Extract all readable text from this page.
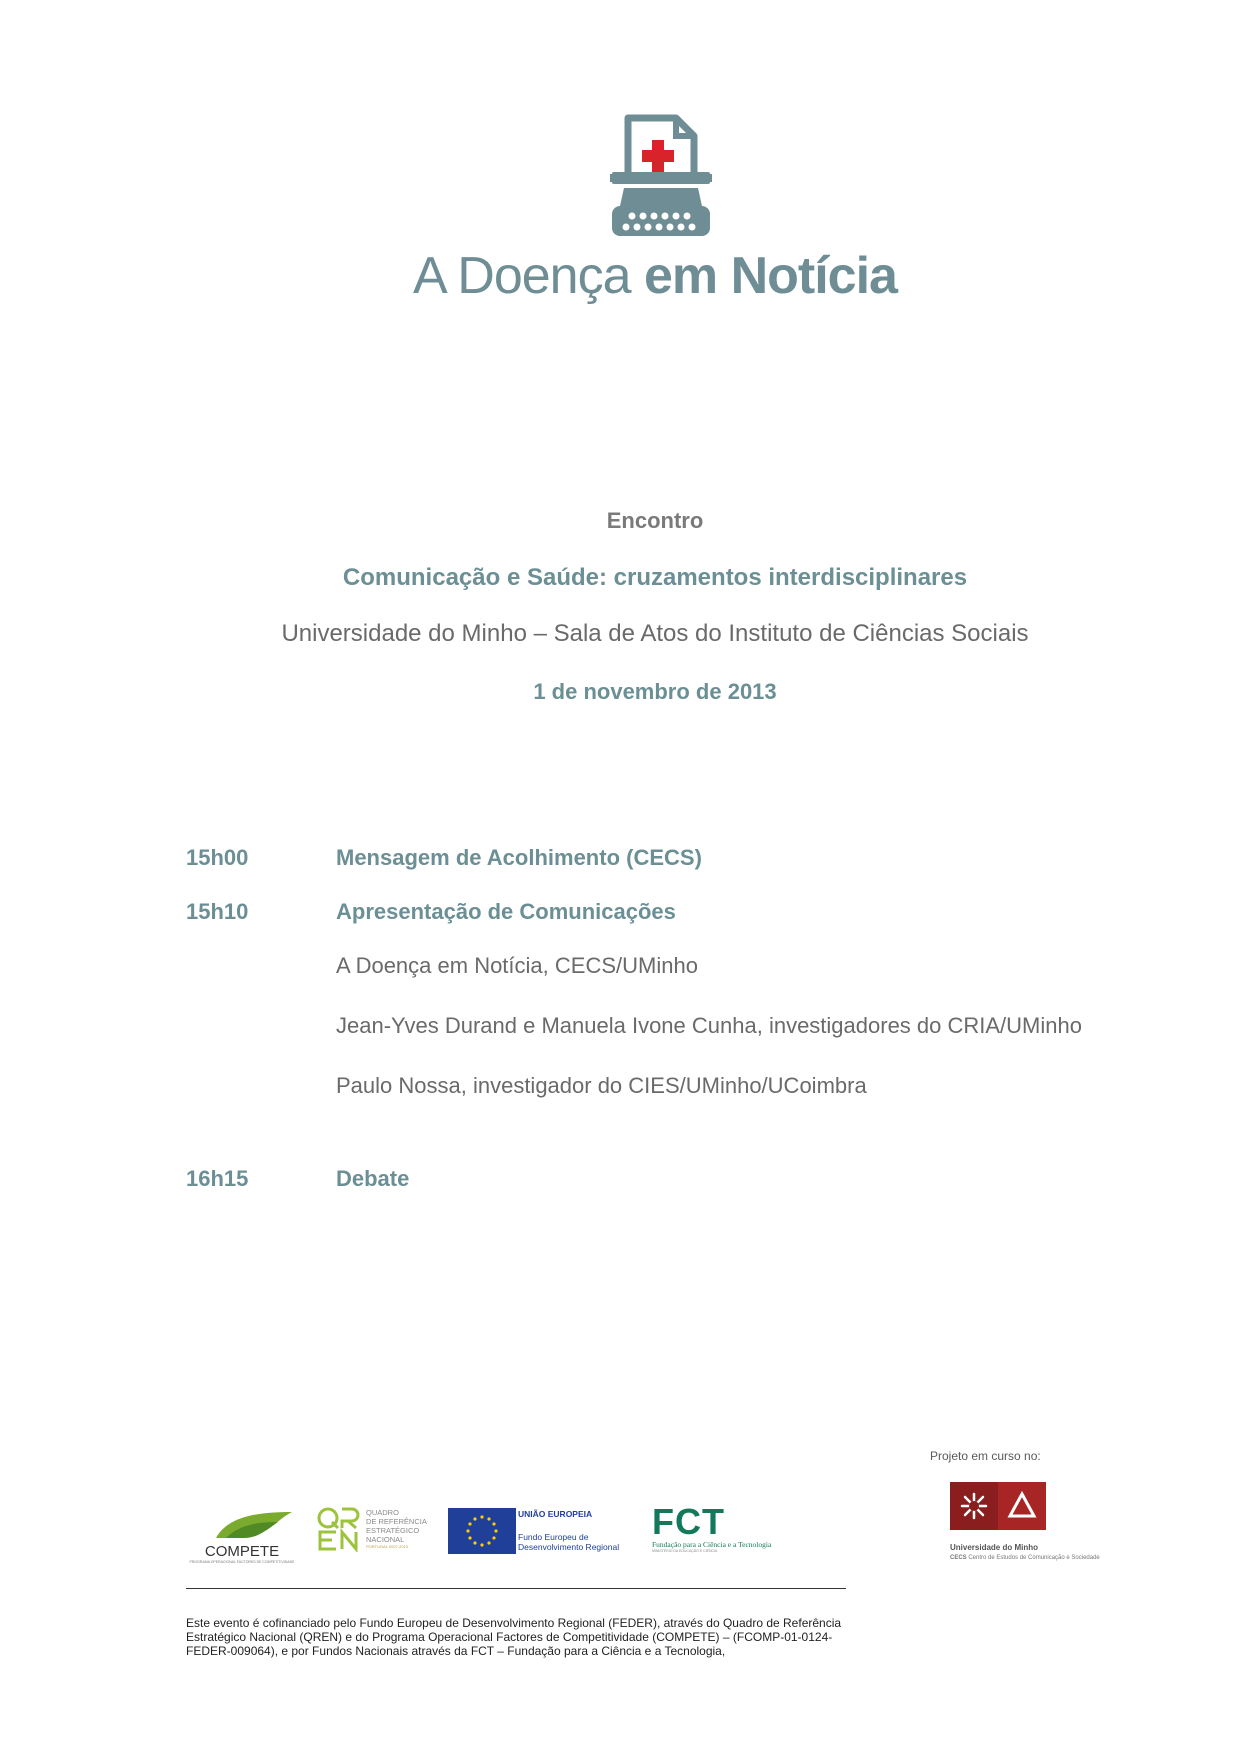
A Doença em Notícia
Encontro
Comunicação e Saúde: cruzamentos interdisciplinares
Universidade do Minho – Sala de Atos do Instituto de Ciências Sociais
1 de novembro de 2013
15h00	Mensagem de Acolhimento (CECS)
15h10	Apresentação de Comunicações
A Doença em Notícia, CECS/UMinho
Jean-Yves Durand e Manuela Ivone Cunha, investigadores do CRIA/UMinho
Paulo Nossa, investigador do CIES/UMinho/UCoimbra
16h15	Debate
Projeto em curso no:
Universidade do Minho
CECS Centro de Estudos de Comunicação e Sociedade
COMPETE
PROGRAMA OPERACIONAL FACTORES DE COMPETITIVIDADE
QUADRO
DE REFERÊNCIA
ESTRATÉGICO
NACIONAL
PORTUGAL 2007-2013
UNIÃO EUROPEIA
Fundo Europeu de
Desenvolvimento Regional
FCT
Fundação para a Ciência e a Tecnologia
MINISTÉRIO DA EDUCAÇÃO E CIÊNCIA
Este evento é cofinanciado pelo Fundo Europeu de Desenvolvimento Regional (FEDER), através do Quadro de Referência Estratégico Nacional (QREN) e do Programa Operacional Factores de Competitividade (COMPETE) – (FCOMP-01-0124-FEDER-009064), e por Fundos Nacionais através da FCT – Fundação para a Ciência e a Tecnologia,
